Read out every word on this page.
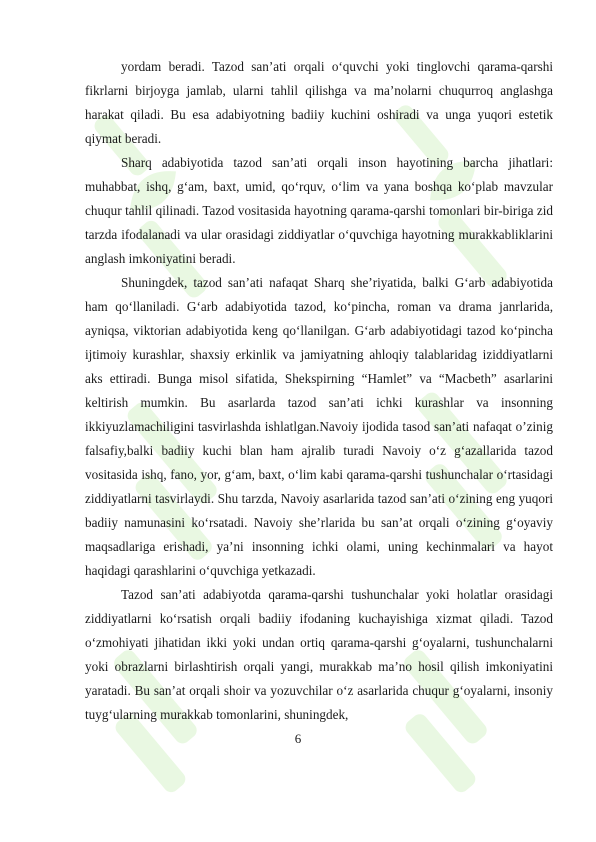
yordam beradi. Tazod san’ati orqali o‘quvchi yoki tinglovchi qarama-qarshi fikrlarni birjoyga jamlab, ularni tahlil qilishga va ma’nolarni chuqurroq anglashga harakat qiladi. Bu esa adabiyotning badiiy kuchini oshiradi va unga yuqori estetik qiymat beradi.

Sharq adabiyotida tazod san’ati orqali inson hayotining barcha jihatlari: muhabbat, ishq, g‘am, baxt, umid, qo‘rquv, o‘lim va yana boshqa ko‘plab mavzular chuqur tahlil qilinadi. Tazod vositasida hayotning qarama-qarshi tomonlari bir-biriga zid tarzda ifodalanadi va ular orasidagi ziddiyatlar o‘quvchiga hayotning murakkabliklarini anglash imkoniyatini beradi.

Shuningdek, tazod san’ati nafaqat Sharq she’riyatida, balki G‘arb adabiyotida ham qo‘llaniladi. G‘arb adabiyotida tazod, ko‘pincha, roman va drama janrlarida, ayniqsa, viktorian adabiyotida keng qo‘llanilgan. G‘arb adabiyotidagi tazod ko‘pincha ijtimoiy kurashlar, shaxsiy erkinlik va jamiyatning ahloqiy talablaridag iziddiyatlarni aks ettiradi. Bunga misol sifatida, Shekspirning “Hamlet” va “Macbeth” asarlarini keltirish mumkin. Bu asarlarda tazod san’ati ichki kurashlar va insonning ikkiyuzlamachiligini tasvirlashda ishlatlgan.Navoiy ijodida tasod san’ati nafaqat o’zinig falsafiy,balki badiiy kuchi blan ham ajralib turadi Navoiy o‘z g‘azallarida tazod vositasida ishq, fano, yor, g‘am, baxt, o‘lim kabi qarama-qarshi tushunchalar o‘rtasidagi ziddiyatlarni tasvirlaydi. Shu tarzda, Navoiy asarlarida tazod san’ati o‘zining eng yuqori badiiy namunasini ko‘rsatadi. Navoiy she’rlarida bu san’at orqali o‘zining g‘oyaviy maqsadlariga erishadi, ya’ni insonning ichki olami, uning kechinmalari va hayot haqidagi qarashlarini o‘quvchiga yetkazadi.

Tazod san’ati adabiyotda qarama-qarshi tushunchalar yoki holatlar orasidagi ziddiyatlarni ko‘rsatish orqali badiiy ifodaning kuchayishiga xizmat qiladi. Tazod o‘zmohiyati jihatidan ikki yoki undan ortiq qarama-qarshi g‘oyalarni, tushunchalarni yoki obrazlarni birlashtirish orqali yangi, murakkab ma’no hosil qilish imkoniyatini yaratadi. Bu san’at orqali shoir va yozuvchilar o‘z asarlarida chuqur g‘oyalarni, insoniy tuyg‘ularning murakkab tomonlarini, shuningdek,

6
